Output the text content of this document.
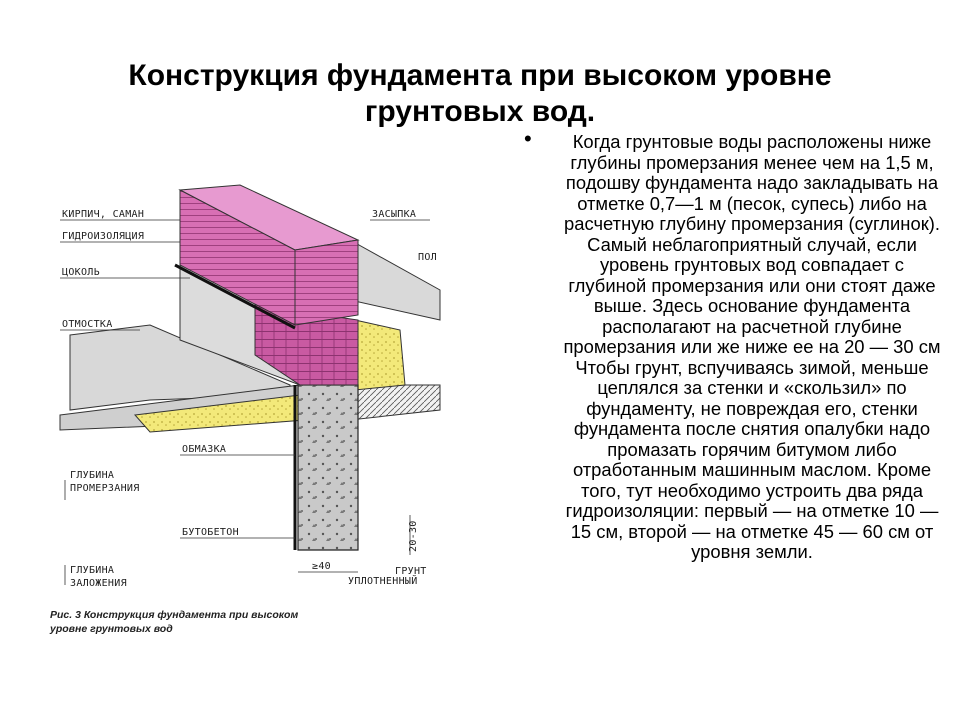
Конструкция фундамента при высоком уровне
грунтовых вод.
•	Когда грунтовые воды расположены ниже глубины промерзания менее чем на 1,5 м, подошву фундамента надо закладывать на отметке 0,7—1 м (песок, супесь) либо на расчетную глубину промерзания (суглинок). Самый неблагоприятный случай, если уровень грунтовых вод совпадает с глубиной промерзания или они стоят даже выше. Здесь основание фундамента располагают на расчетной глубине промерзания или же ниже ее на 20 — 30 см Чтобы грунт, вспучиваясь зимой, меньше цеплялся за стенки и «скользил» по фундаменту, не повреждая его, стенки фундамента после снятия опалубки надо промазать горячим битумом либо отработанным машинным маслом. Кроме того, тут необходимо устроить два ряда гидроизоляции: первый — на отметке 10 — 15 см, второй — на отметке 45 — 60 см от уровня земли.
КИРПИЧ, САМАН
ГИДРОИЗОЛЯЦИЯ
ЦОКОЛЬ
ОТМОСТКА
ОБМАЗКА
ГЛУБИНА
ПРОМЕРЗАНИЯ
БУТОБЕТОН
ГЛУБИНА
ЗАЛОЖЕНИЯ
ЗАСЫПКА
ПОЛ
УПЛОТНЕННЫЙ
ГРУНТ
≥40
20-30
Рис. 3 Конструкция фундамента при высоком
уровне грунтовых вод
